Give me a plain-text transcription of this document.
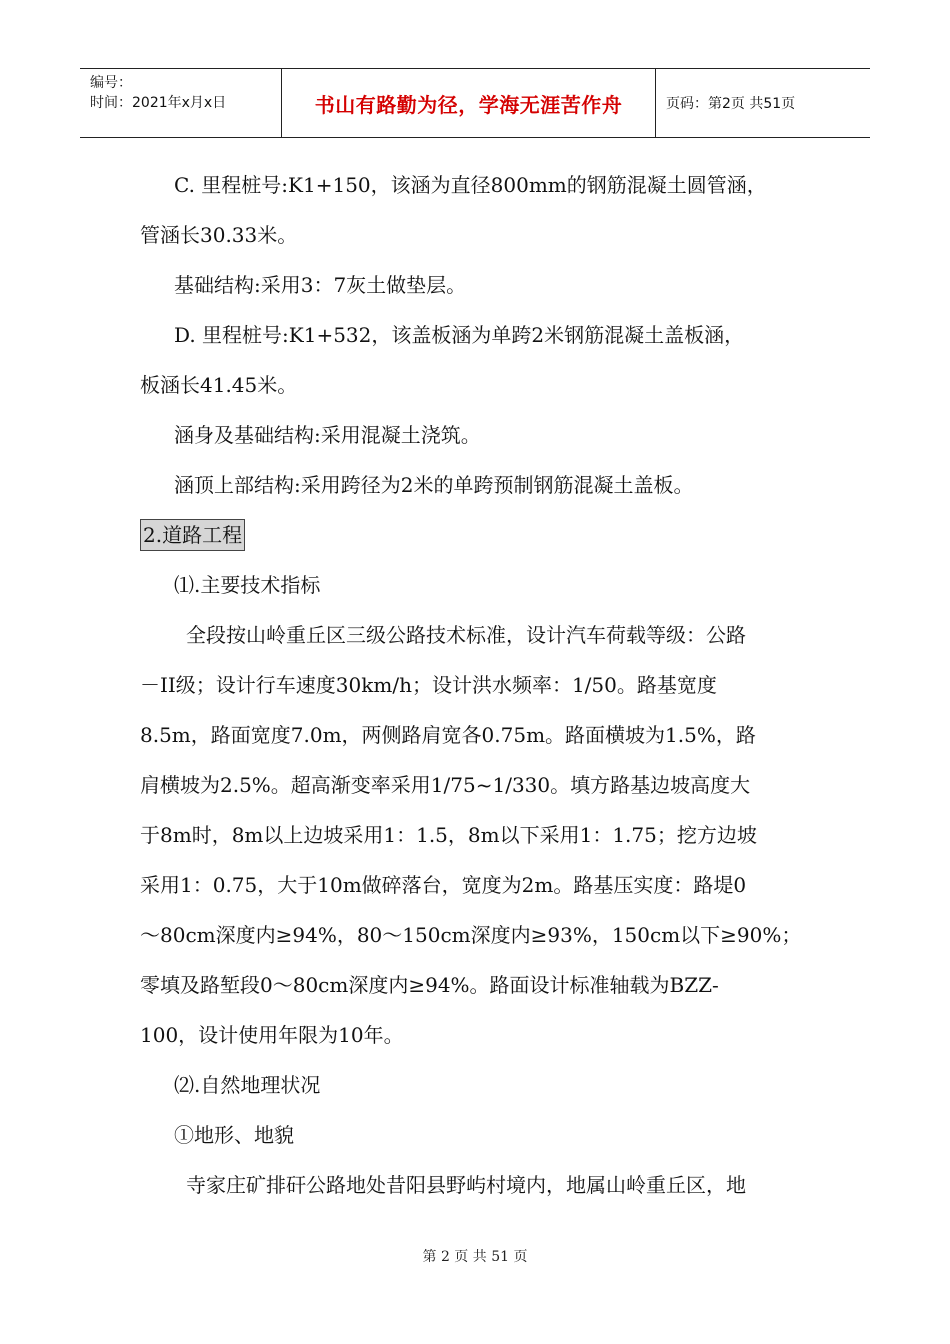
编号：
时间：2021年x月x日	书山有路勤为径，学海无涯苦作舟	页码：第2页 共51页
C. 里程桩号:K1+150，该涵为直径800mm的钢筋混凝土圆管涵，
管涵长30.33米。
基础结构:采用3：7灰土做垫层。
D. 里程桩号:K1+532，该盖板涵为单跨2米钢筋混凝土盖板涵，
板涵长41.45米。
涵身及基础结构:采用混凝土浇筑。
涵顶上部结构:采用跨径为2米的单跨预制钢筋混凝土盖板。
2.道路工程
⑴.主要技术指标
全段按山岭重丘区三级公路技术标准，设计汽车荷载等级：公路
－II级；设计行车速度30km/h；设计洪水频率：1/50。路基宽度
8.5m，路面宽度7.0m，两侧路肩宽各0.75m。路面横坡为1.5%，路
肩横坡为2.5%。超高渐变率采用1/75~1/330。填方路基边坡高度大
于8m时，8m以上边坡采用1：1.5，8m以下采用1：1.75；挖方边坡
采用1：0.75，大于10m做碎落台，宽度为2m。路基压实度：路堤0
～80cm深度内≥94%，80～150cm深度内≥93%，150cm以下≥90%；
零填及路堑段0～80cm深度内≥94%。路面设计标准轴载为BZZ-
100，设计使用年限为10年。
⑵.自然地理状况
①地形、地貌
寺家庄矿排矸公路地处昔阳县野屿村境内，地属山岭重丘区，地
第 2 页 共 51 页
